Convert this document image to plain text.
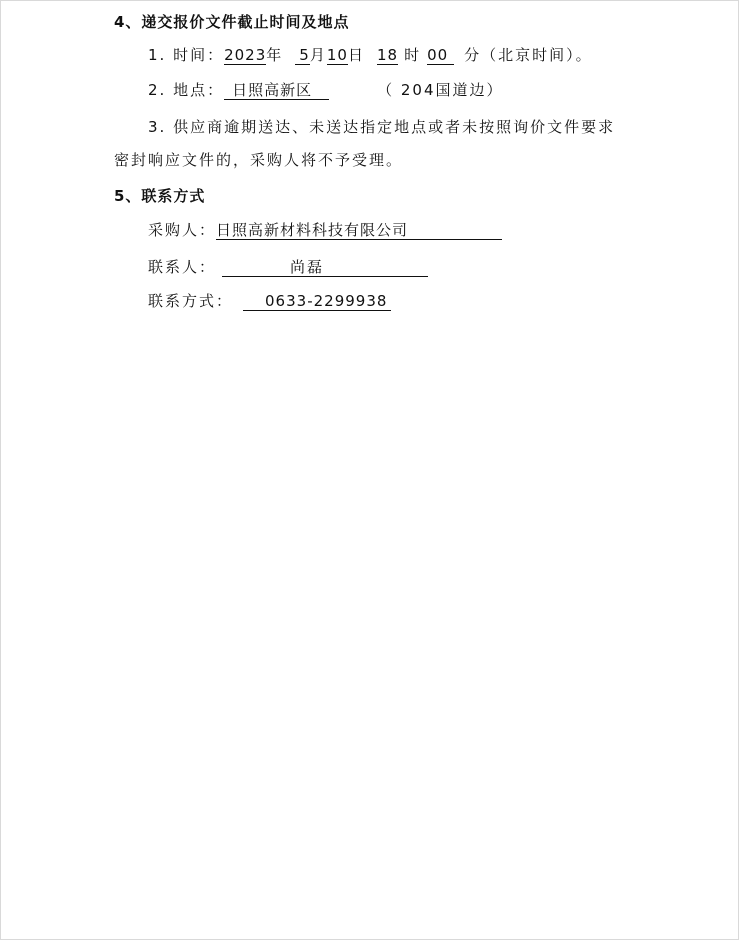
4、递交报价文件截止时间及地点
1. 时间：2023年 5月10日 18 时 00 分（北京时间）。
2. 地点： 日照高新区	（ 204国道边）
3. 供应商逾期送达、未送达指定地点或者未按照询价文件要求
密封响应文件的，采购人将不予受理。
5、联系方式
采购人：日照高新材料科技有限公司
联系人：	尚磊
联系方式： 0633-2299938
